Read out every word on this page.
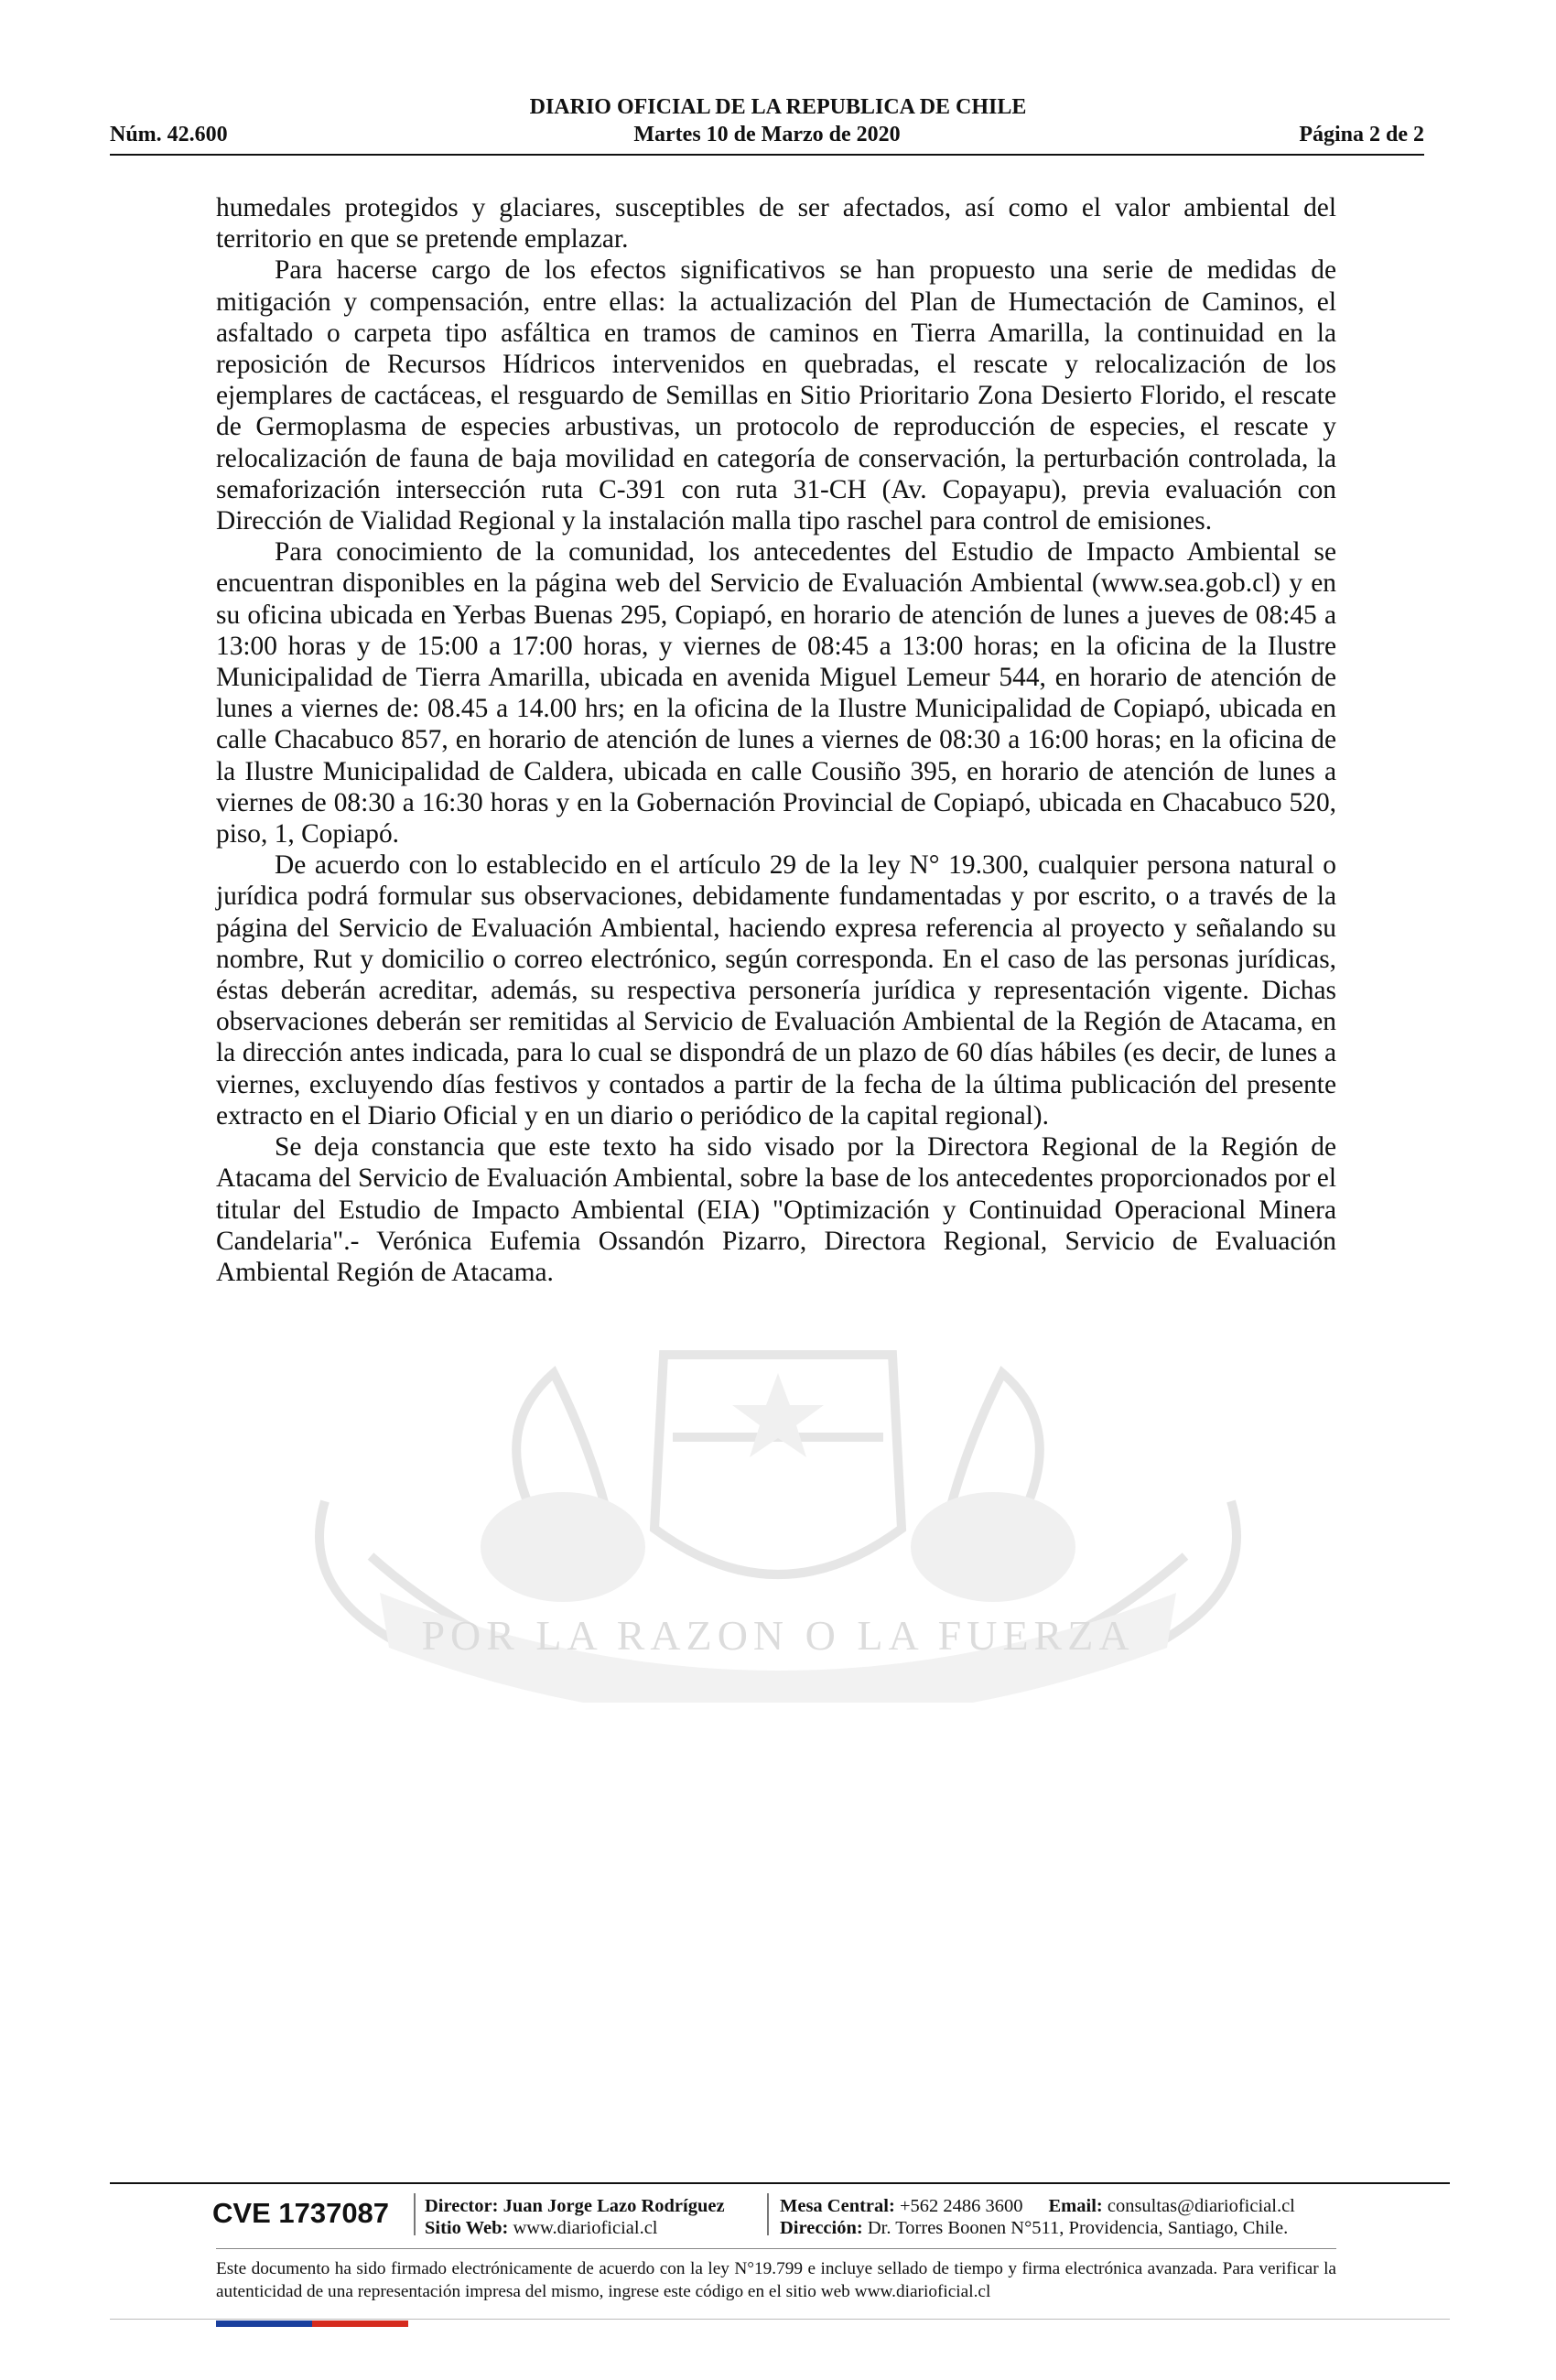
DIARIO OFICIAL DE LA REPUBLICA DE CHILE
Núm. 42.600	Martes 10 de Marzo de 2020	Página 2 de 2
POR LA RAZON O LA FUERZA

humedales protegidos y glaciares, susceptibles de ser afectados, así como el valor ambiental del territorio en que se pretende emplazar.

Para hacerse cargo de los efectos significativos se han propuesto una serie de medidas de mitigación y compensación, entre ellas: la actualización del Plan de Humectación de Caminos, el asfaltado o carpeta tipo asfáltica en tramos de caminos en Tierra Amarilla, la continuidad en la reposición de Recursos Hídricos intervenidos en quebradas, el rescate y relocalización de los ejemplares de cactáceas, el resguardo de Semillas en Sitio Prioritario Zona Desierto Florido, el rescate de Germoplasma de especies arbustivas, un protocolo de reproducción de especies, el rescate y relocalización de fauna de baja movilidad en categoría de conservación, la perturbación controlada, la semaforización intersección ruta C-391 con ruta 31-CH (Av. Copayapu), previa evaluación con Dirección de Vialidad Regional y la instalación malla tipo raschel para control de emisiones.

Para conocimiento de la comunidad, los antecedentes del Estudio de Impacto Ambiental se encuentran disponibles en la página web del Servicio de Evaluación Ambiental (www.sea.gob.cl) y en su oficina ubicada en Yerbas Buenas 295, Copiapó, en horario de atención de lunes a jueves de 08:45 a 13:00 horas y de 15:00 a 17:00 horas, y viernes de 08:45 a 13:00 horas; en la oficina de la Ilustre Municipalidad de Tierra Amarilla, ubicada en avenida Miguel Lemeur 544, en horario de atención de lunes a viernes de: 08.45 a 14.00 hrs; en la oficina de la Ilustre Municipalidad de Copiapó, ubicada en calle Chacabuco 857, en horario de atención de lunes a viernes de 08:30 a 16:00 horas; en la oficina de la Ilustre Municipalidad de Caldera, ubicada en calle Cousiño 395, en horario de atención de lunes a viernes de 08:30 a 16:30 horas y en la Gobernación Provincial de Copiapó, ubicada en Chacabuco 520, piso, 1, Copiapó.

De acuerdo con lo establecido en el artículo 29 de la ley N° 19.300, cualquier persona natural o jurídica podrá formular sus observaciones, debidamente fundamentadas y por escrito, o a través de la página del Servicio de Evaluación Ambiental, haciendo expresa referencia al proyecto y señalando su nombre, Rut y domicilio o correo electrónico, según corresponda. En el caso de las personas jurídicas, éstas deberán acreditar, además, su respectiva personería jurídica y representación vigente. Dichas observaciones deberán ser remitidas al Servicio de Evaluación Ambiental de la Región de Atacama, en la dirección antes indicada, para lo cual se dispondrá de un plazo de 60 días hábiles (es decir, de lunes a viernes, excluyendo días festivos y contados a partir de la fecha de la última publicación del presente extracto en el Diario Oficial y en un diario o periódico de la capital regional).

Se deja constancia que este texto ha sido visado por la Directora Regional de la Región de Atacama del Servicio de Evaluación Ambiental, sobre la base de los antecedentes proporcionados por el titular del Estudio de Impacto Ambiental (EIA) "Optimización y Continuidad Operacional Minera Candelaria".- Verónica Eufemia Ossandón Pizarro, Directora Regional, Servicio de Evaluación Ambiental Región de Atacama.

CVE 1737087	Director: Juan Jorge Lazo Rodríguez
Sitio Web: www.diarioficial.cl
Mesa Central: +562 2486 3600 Email: consultas@diarioficial.cl
Dirección: Dr. Torres Boonen N°511, Providencia, Santiago, Chile.
Este documento ha sido firmado electrónicamente de acuerdo con la ley N°19.799 e incluye sellado de tiempo y firma electrónica avanzada. Para verificar la autenticidad de una representación impresa del mismo, ingrese este código en el sitio web www.diarioficial.cl
